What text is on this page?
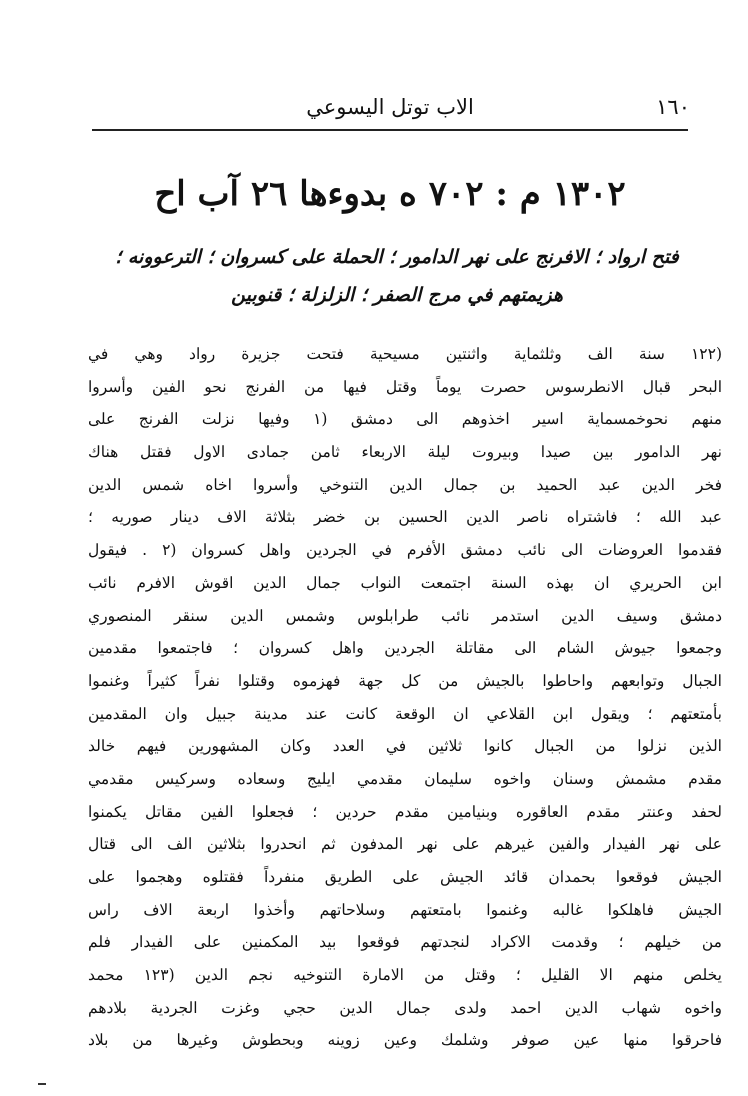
١٦٠
الاب توتل اليسوعي
١٣٠٢ م : ٧٠٢ ه بدوءها ٢٦ آب اح
فتح ارواد ؛ الافرنج على نهر الدامور ؛ الحملة على كسروان ؛ الترعوونه ؛
هزيمتهم في مرج الصفر ؛ الزلزلة ؛ قنوبين
(١٢٢ سنة الف وثلثماية واثنتين مسيحية فتحت جزيرة رواد وهي في
البحر قبال الانطرسوس حصرت يوماً وقتل فيها من الفرنج نحو الفين وأسروا
منهم نحوخمسماية اسير اخذوهم الى دمشق (١ وفيها نزلت الفرنج على
نهر الدامور بين صيدا وبيروت ليلة الاربعاء ثامن جمادى الاول فقتل هناك
فخر الدين عبد الحميد بن جمال الدين التنوخي وأسروا اخاه شمس الدين
عبد الله ؛ فاشتراه ناصر الدين الحسين بن خضر بثلاثة الاف دينار صوريه ؛
فقدموا العروضات الى نائب دمشق الأفرم في الجردين واهل كسروان (٢ . فيقول
ابن الحريري ان بهذه السنة اجتمعت النواب جمال الدين اقوش الافرم نائب
دمشق وسيف الدين استدمر نائب طرابلوس وشمس الدين سنقر المنصوري
وجمعوا جيوش الشام الى مقاتلة الجردين واهل كسروان ؛ فاجتمعوا مقدمين
الجبال وتوابعهم واحاطوا بالجيش من كل جهة فهزموه وقتلوا نفراً كثيراً وغنموا
بأمتعتهم ؛ ويقول ابن القلاعي ان الوقعة كانت عند مدينة جبيل وان المقدمين
الذين نزلوا من الجبال كانوا ثلاثين في العدد وكان المشهورين فيهم خالد
مقدم مشمش وسنان واخوه سليمان مقدمي ايليج وسعاده وسركيس مقدمي
لحفد وعنتر مقدم العاقوره وبنيامين مقدم حردين ؛ فجعلوا الفين مقاتل يكمنوا
على نهر الفيدار والفين غيرهم على نهر المدفون ثم انحدروا بثلاثين الف الى قتال
الجيش فوقعوا بحمدان قائد الجيش على الطريق منفرداً فقتلوه وهجموا على
الجيش فاهلكوا غالبه وغنموا بامتعتهم وسلاحاتهم وأخذوا اربعة الاف راس
من خيلهم ؛ وقدمت الاكراد لنجدتهم فوقعوا بيد المكمنين على الفيدار فلم
يخلص منهم الا القليل ؛ وقتل من الامارة التنوخيه نجم الدين (١٢٣ محمد
واخوه شهاب الدين احمد ولدى جمال الدين حجي وغزت الجردية بلادهم
فاحرقوا منها عين صوفر وشلمك وعين زوينه وبحطوش وغيرها من بلاد
